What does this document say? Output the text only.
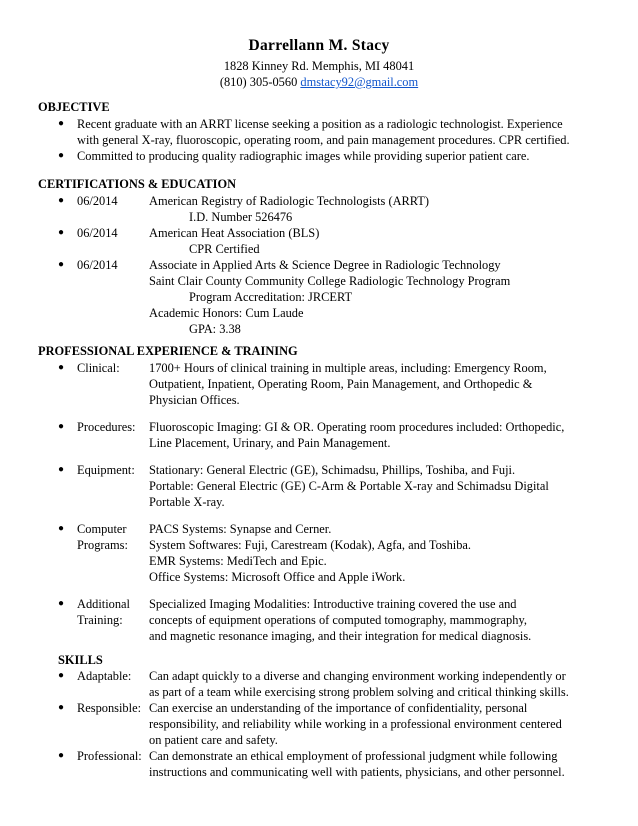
Darrellann M. Stacy
1828 Kinney Rd. Memphis, MI 48041
(810) 305-0560 dmstacy92@gmail.com
OBJECTIVE
● Recent graduate with an ARRT license seeking a position as a radiologic technologist. Experience
with general X-ray, fluoroscopic, operating room, and pain management procedures. CPR certified.
● Committed to producing quality radiographic images while providing superior patient care.
CERTIFICATIONS & EDUCATION
● 06/2014	American Registry of Radiologic Technologists (ARRT)
I.D. Number 526476
● 06/2014	American Heat Association (BLS)
CPR Certified
● 06/2014	Associate in Applied Arts & Science Degree in Radiologic Technology
Saint Clair County Community College Radiologic Technology Program
Program Accreditation: JRCERT
Academic Honors: Cum Laude
GPA: 3.38
PROFESSIONAL EXPERIENCE & TRAINING
● Clinical: 1700+ Hours of clinical training in multiple areas, including: Emergency Room,
Outpatient, Inpatient, Operating Room, Pain Management, and Orthopedic &
Physician Offices.
● Procedures: Fluoroscopic Imaging: GI & OR. Operating room procedures included: Orthopedic,
Line Placement, Urinary, and Pain Management.
● Equipment: Stationary: General Electric (GE), Schimadsu, Phillips, Toshiba, and Fuji.
Portable: General Electric (GE) C-Arm & Portable X-ray and Schimadsu Digital
Portable X-ray.
● Computer
Programs:
PACS Systems: Synapse and Cerner.
System Softwares: Fuji, Carestream (Kodak), Agfa, and Toshiba.
EMR Systems: MediTech and Epic.
Office Systems: Microsoft Office and Apple iWork.
● Additional
Training:
Specialized Imaging Modalities: Introductive training covered the use and
concepts of equipment operations of computed tomography, mammography,
and magnetic resonance imaging, and their integration for medical diagnosis.
SKILLS
● Adaptable: Can adapt quickly to a diverse and changing environment working independently or
as part of a team while exercising strong problem solving and critical thinking skills.
● Responsible: Can exercise an understanding of the importance of confidentiality, personal
responsibility, and reliability while working in a professional environment centered
on patient care and safety.
● Professional: Can demonstrate an ethical employment of professional judgment while following
instructions and communicating well with patients, physicians, and other personnel.
